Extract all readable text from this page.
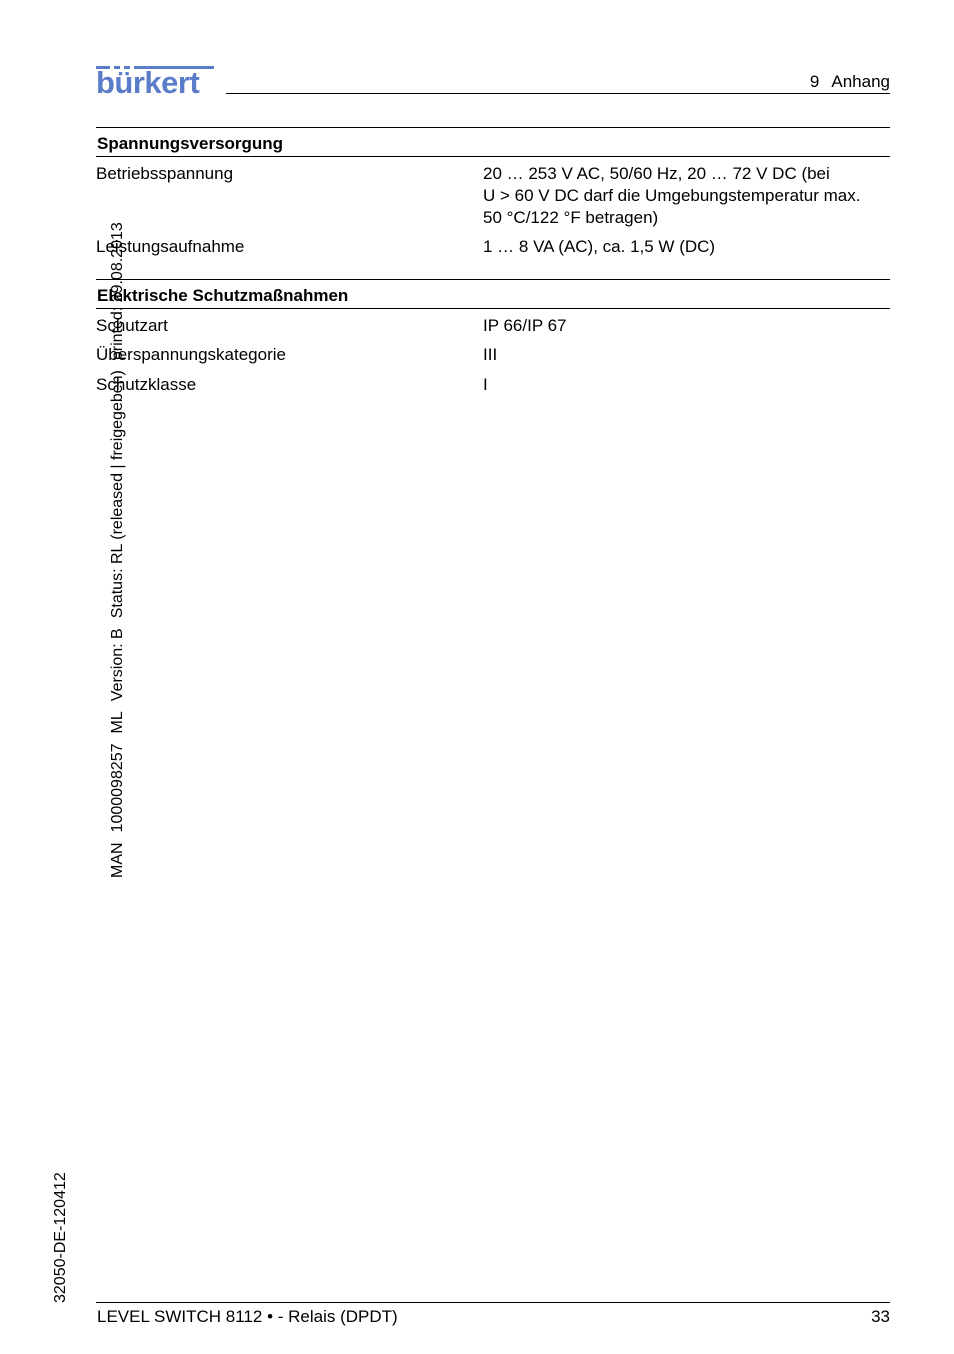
bürkert	9 Anhang
Spannungsversorgung
Betriebsspannung	20 … 253 V AC, 50/60 Hz, 20 … 72 V DC (bei
U > 60 V DC darf die Umgebungstemperatur max.
50 °C/122 °F betragen)
Leistungsaufnahme	1 … 8 VA (AC), ca. 1,5 W (DC)
Elektrische Schutzmaßnahmen
Schutzart	IP 66/IP 67
Überspannungskategorie	III
Schutzklasse	I
MAN1000098257MLVersion: BStatus: RL (released | freigegeben)printed: 29.08.2013
32050-DE-120412
LEVEL SWITCH 8112 • - Relais (DPDT)	33
